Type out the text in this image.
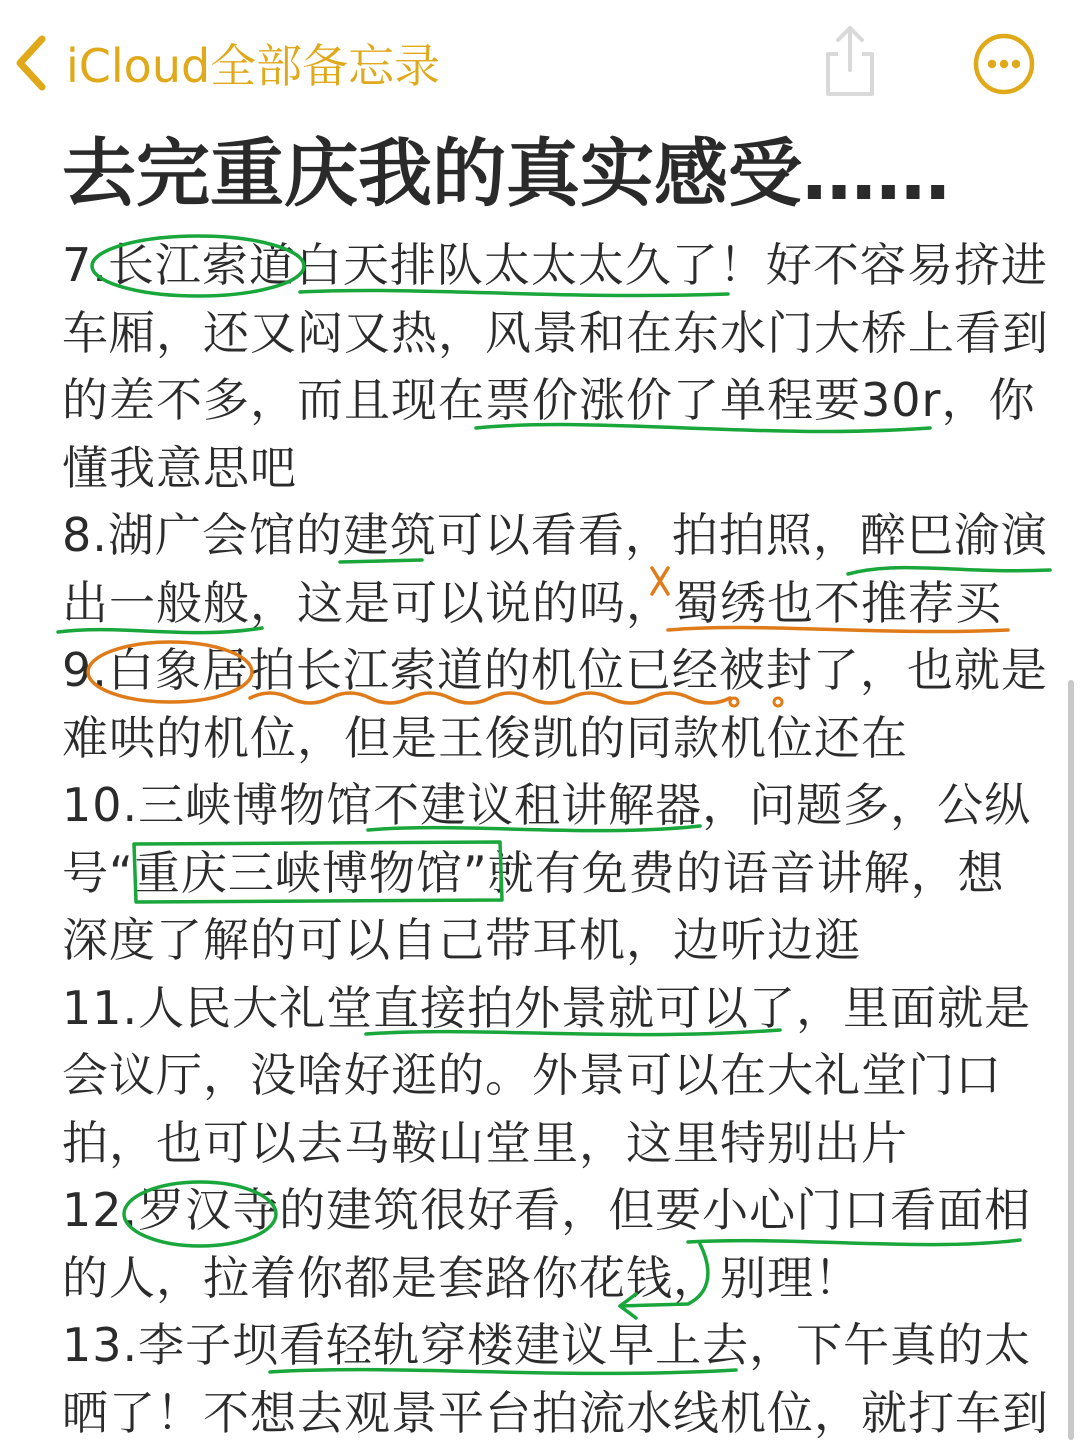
iCloud全部备忘录
去完重庆我的真实感受……
7.长江索道白天排队太太太久了！好不容易挤进
车厢，还又闷又热，风景和在东水门大桥上看到
的差不多，而且现在票价涨价了单程要30r，你
懂我意思吧
8.湖广会馆的建筑可以看看，拍拍照，醉巴渝演
出一般般，这是可以说的吗，蜀绣也不推荐买
9.白象居拍长江索道的机位已经被封了，也就是
难哄的机位，但是王俊凯的同款机位还在
10.三峡博物馆不建议租讲解器，问题多，公纵
号“重庆三峡博物馆”就有免费的语音讲解，想
深度了解的可以自己带耳机，边听边逛
11.人民大礼堂直接拍外景就可以了，里面就是
会议厅，没啥好逛的。外景可以在大礼堂门口
拍，也可以去马鞍山堂里，这里特别出片
12.罗汉寺的建筑很好看，但要小心门口看面相
的人，拉着你都是套路你花钱，别理！
13.李子坝看轻轨穿楼建议早上去，下午真的太
晒了！不想去观景平台拍流水线机位，就打车到
